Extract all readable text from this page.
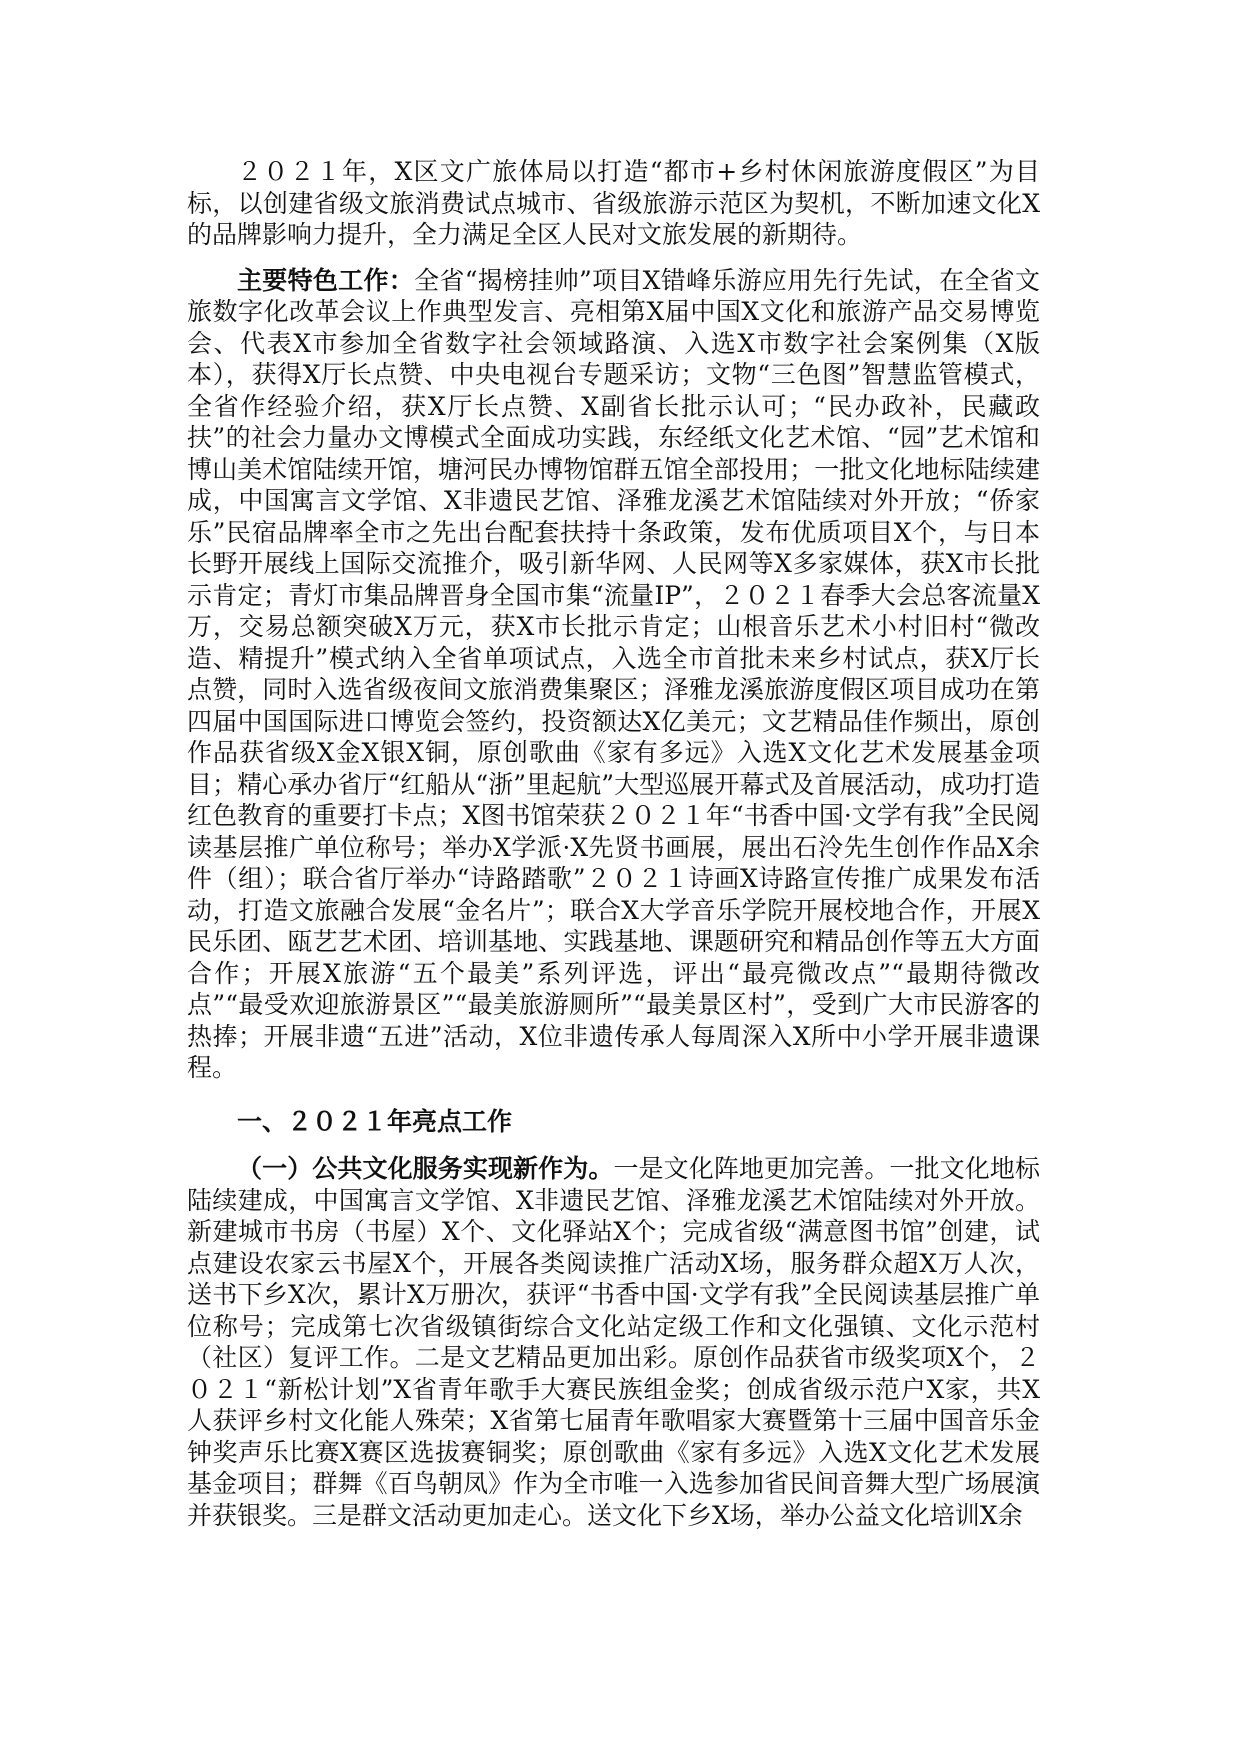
２０２１年，X区文广旅体局以打造“都市+乡村休闲旅游度假区”为目标，以创建省级文旅消费试点城市、省级旅游示范区为契机，不断加速文化X的品牌影响力提升，全力满足全区人民对文旅发展的新期待。

主要特色工作：全省“揭榜挂帅”项目X错峰乐游应用先行先试，在全省文旅数字化改革会议上作典型发言、亮相第X届中国X文化和旅游产品交易博览会、代表X市参加全省数字社会领域路演、入选X市数字社会案例集（X版本），获得X厅长点赞、中央电视台专题采访；文物“三色图”智慧监管模式，全省作经验介绍，获X厅长点赞、X副省长批示认可；“民办政补，民藏政扶”的社会力量办文博模式全面成功实践，东经纸文化艺术馆、“园”艺术馆和博山美术馆陆续开馆，塘河民办博物馆群五馆全部投用；一批文化地标陆续建成，中国寓言文学馆、X非遗民艺馆、泽雅龙溪艺术馆陆续对外开放；“侨家乐”民宿品牌率全市之先出台配套扶持十条政策，发布优质项目X个，与日本长野开展线上国际交流推介，吸引新华网、人民网等X多家媒体，获X市长批示肯定；青灯市集品牌晋身全国市集“流量IP”，２０２１春季大会总客流量X万，交易总额突破X万元，获X市长批示肯定；山根音乐艺术小村旧村“微改造、精提升”模式纳入全省单项试点，入选全市首批未来乡村试点，获X厅长点赞，同时入选省级夜间文旅消费集聚区；泽雅龙溪旅游度假区项目成功在第四届中国国际进口博览会签约，投资额达X亿美元；文艺精品佳作频出，原创作品获省级X金X银X铜，原创歌曲《家有多远》入选X文化艺术发展基金项目；精心承办省厅“红船从“浙”里起航”大型巡展开幕式及首展活动，成功打造红色教育的重要打卡点；X图书馆荣获２０２１年“书香中国·文学有我”全民阅读基层推广单位称号；举办X学派·X先贤书画展，展出石泠先生创作作品X余件（组）；联合省厅举办“诗路踏歌”２０２１诗画X诗路宣传推广成果发布活动，打造文旅融合发展“金名片”；联合X大学音乐学院开展校地合作，开展X民乐团、瓯艺艺术团、培训基地、实践基地、课题研究和精品创作等五大方面合作；开展X旅游“五个最美”系列评选，评出“最亮微改点”“最期待微改点”“最受欢迎旅游景区”“最美旅游厕所”“最美景区村”，受到广大市民游客的热捧；开展非遗“五进”活动，X位非遗传承人每周深入X所中小学开展非遗课程。

一、２０２１年亮点工作

（一）公共文化服务实现新作为。一是文化阵地更加完善。一批文化地标陆续建成，中国寓言文学馆、X非遗民艺馆、泽雅龙溪艺术馆陆续对外开放。新建城市书房（书屋）X个、文化驿站X个；完成省级“满意图书馆”创建，试点建设农家云书屋X个，开展各类阅读推广活动X场，服务群众超X万人次，送书下乡X次，累计X万册次，获评“书香中国·文学有我”全民阅读基层推广单位称号；完成第七次省级镇街综合文化站定级工作和文化强镇、文化示范村（社区）复评工作。二是文艺精品更加出彩。原创作品获省市级奖项X个，２０２１“新松计划”X省青年歌手大赛民族组金奖；创成省级示范户X家，共X人获评乡村文化能人殊荣；X省第七届青年歌唱家大赛暨第十三届中国音乐金钟奖声乐比赛X赛区选拔赛铜奖；原创歌曲《家有多远》入选X文化艺术发展基金项目；群舞《百鸟朝凤》作为全市唯一入选参加省民间音舞大型广场展演并获银奖。三是群文活动更加走心。送文化下乡X场，举办公益文化培训X余
